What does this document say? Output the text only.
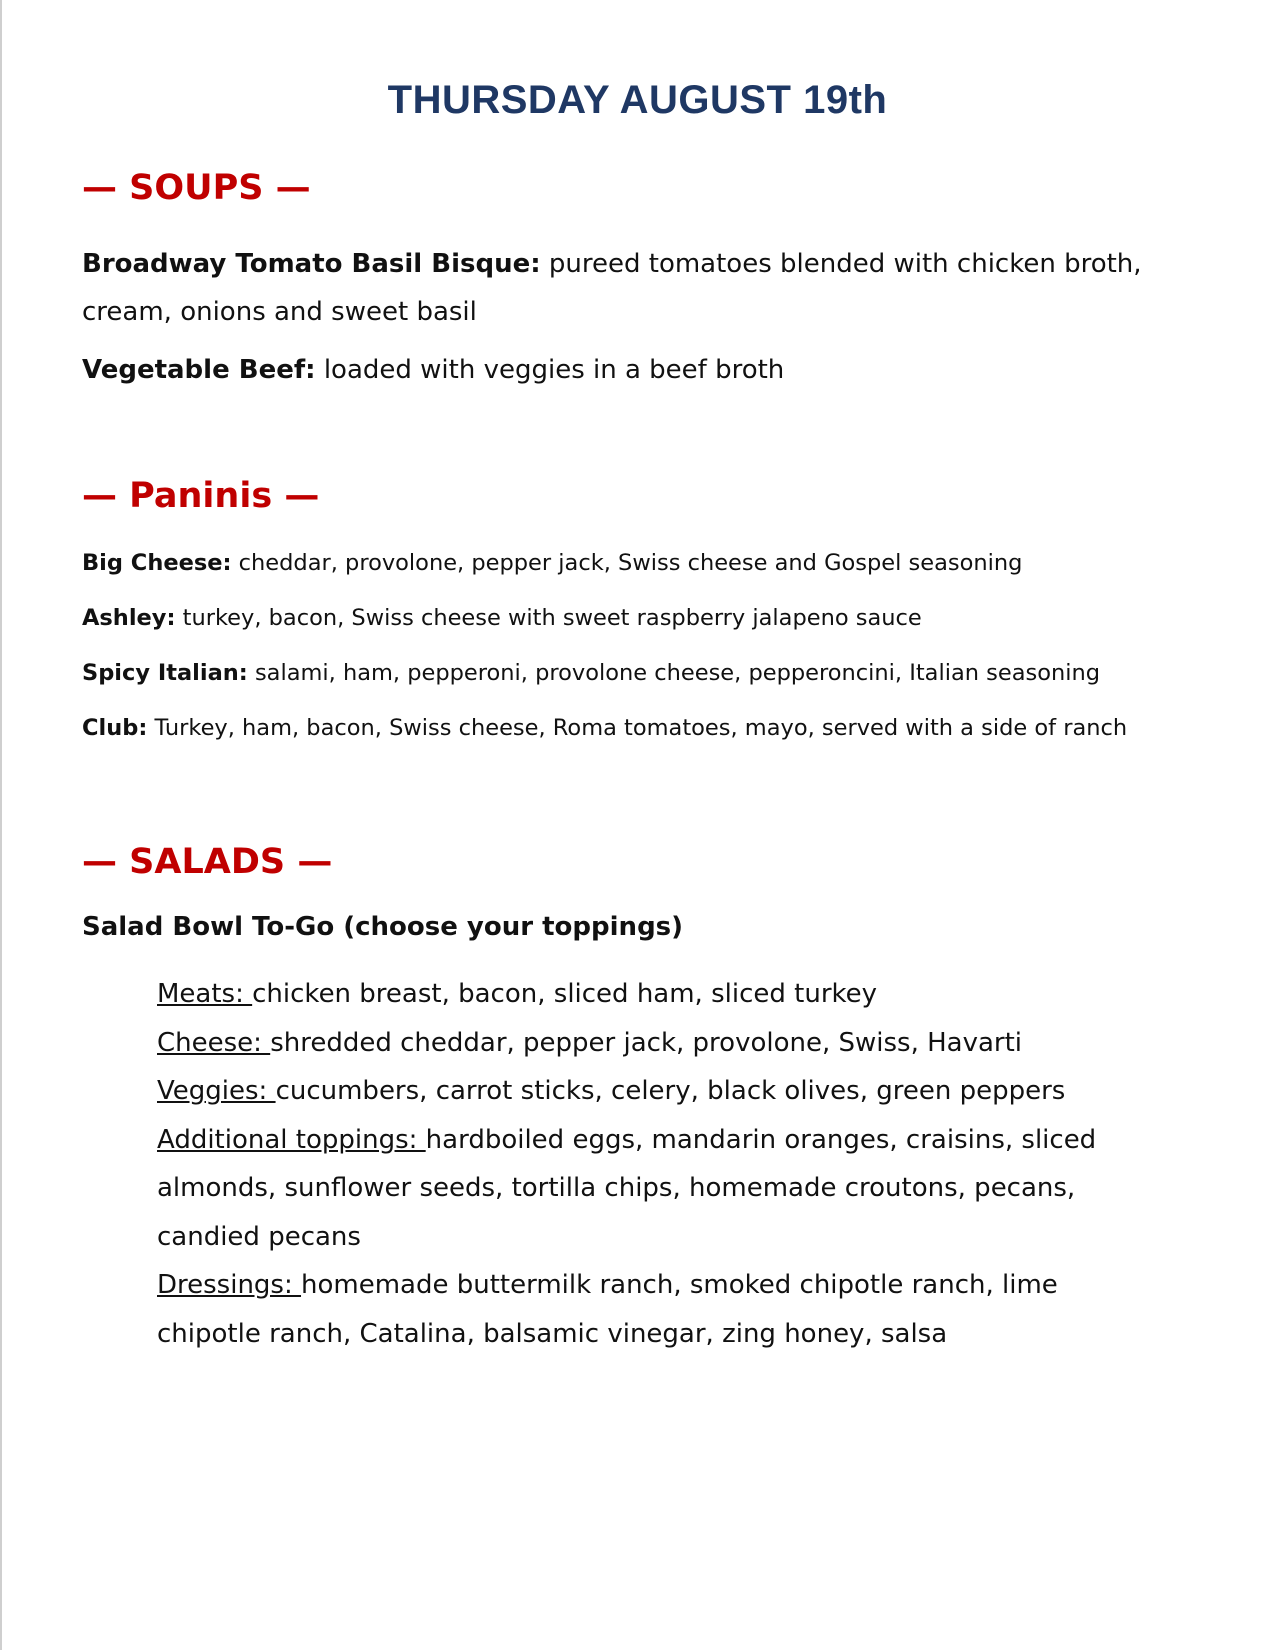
THURSDAY AUGUST 19th
— SOUPS —
Broadway Tomato Basil Bisque: pureed tomatoes blended with chicken broth, cream, onions and sweet basil
Vegetable Beef: loaded with veggies in a beef broth
— Paninis —
Big Cheese: cheddar, provolone, pepper jack, Swiss cheese and Gospel seasoning
Ashley: turkey, bacon, Swiss cheese with sweet raspberry jalapeno sauce
Spicy Italian: salami, ham, pepperoni, provolone cheese, pepperoncini, Italian seasoning
Club: Turkey, ham, bacon, Swiss cheese, Roma tomatoes, mayo, served with a side of ranch
— SALADS —
Salad Bowl To-Go (choose your toppings)
Meats: chicken breast, bacon, sliced ham, sliced turkey
Cheese: shredded cheddar, pepper jack, provolone, Swiss, Havarti
Veggies: cucumbers, carrot sticks, celery, black olives, green peppers
Additional toppings: hardboiled eggs, mandarin oranges, craisins, sliced almonds, sunflower seeds, tortilla chips, homemade croutons, pecans, candied pecans
Dressings: homemade buttermilk ranch, smoked chipotle ranch, lime chipotle ranch, Catalina, balsamic vinegar, zing honey, salsa
